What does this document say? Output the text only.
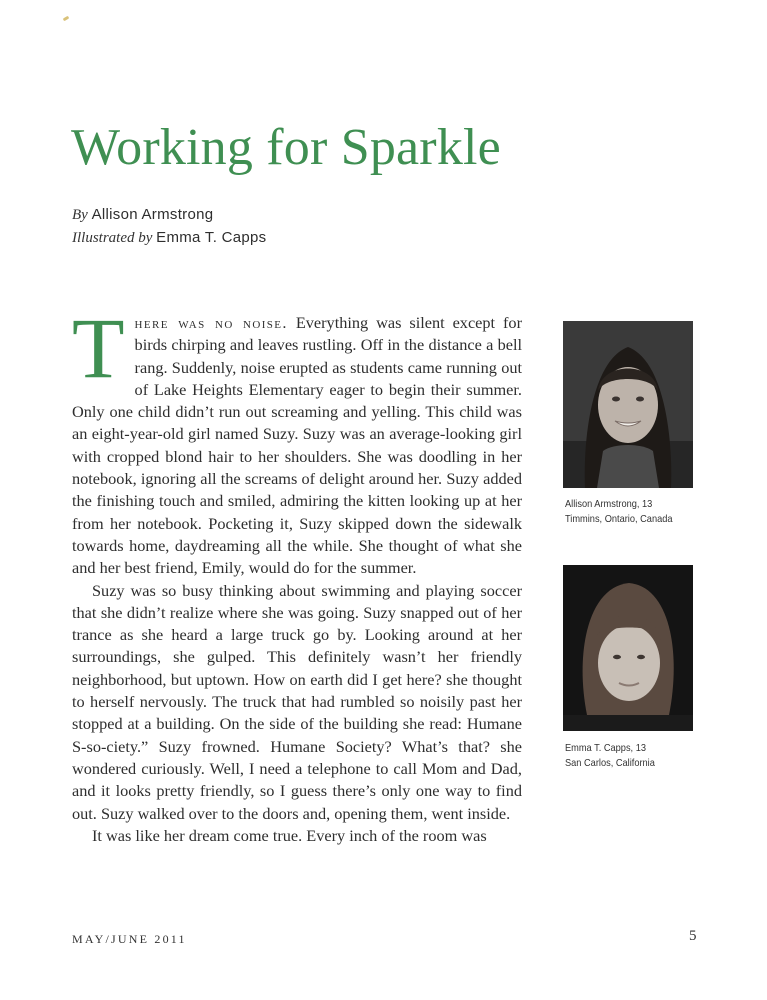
Working for Sparkle
By Allison Armstrong
Illustrated by Emma T. Capps

There was no noise. Everything was silent except for birds chirping and leaves rustling. Off in the distance a bell rang. Suddenly, noise erupted as students came running out of Lake Heights Elementary eager to begin their summer. Only one child didn’t run out screaming and yelling. This child was an eight-year-old girl named Suzy. Suzy was an average-looking girl with cropped blond hair to her shoulders. She was doodling in her notebook, ignoring all the screams of delight around her. Suzy added the finishing touch and smiled, admiring the kitten looking up at her from her notebook. Pocketing it, Suzy skipped down the sidewalk towards home, daydreaming all the while. She thought of what she and her best friend, Emily, would do for the summer.

Suzy was so busy thinking about swimming and playing soccer that she didn’t realize where she was going. Suzy snapped out of her trance as she heard a large truck go by. Looking around at her surroundings, she gulped. This definitely wasn’t her friendly neighborhood, but uptown. How on earth did I get here? she thought to herself nervously. The truck that had rumbled so noisily past her stopped at a building. On the side of the building she read: Humane S-so-ciety.” Suzy frowned. Humane Society? What’s that? she wondered curiously. Well, I need a telephone to call Mom and Dad, and it looks pretty friendly, so I guess there’s only one way to find out. Suzy walked over to the doors and, opening them, went inside.

It was like her dream come true. Every inch of the room was

Allison Armstrong, 13
Timmins, Ontario, Canada
Emma T. Capps, 13
San Carlos, California
MAY/JUNE 2011	5
